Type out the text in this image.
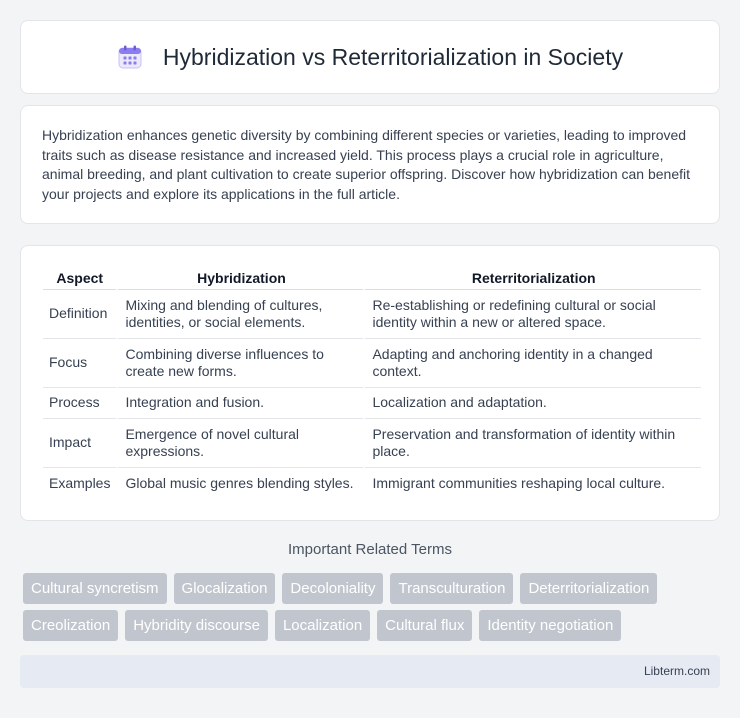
Hybridization vs Reterritorialization in Society

Hybridization enhances genetic diversity by combining different species or varieties, leading to improved traits such as disease resistance and increased yield. This process plays a crucial role in agriculture, animal breeding, and plant cultivation to create superior offspring. Discover how hybridization can benefit your projects and explore its applications in the full article.

Aspect	Hybridization	Reterritorialization
Definition	Mixing and blending of cultures, identities, or social elements.	Re-establishing or redefining cultural or social identity within a new or altered space.
Focus	Combining diverse influences to create new forms.	Adapting and anchoring identity in a changed context.
Process	Integration and fusion.	Localization and adaptation.
Impact	Emergence of novel cultural expressions.	Preservation and transformation of identity within place.
Examples	Global music genres blending styles.	Immigrant communities reshaping local culture.
Important Related Terms
Cultural syncretism	Glocalization	Decoloniality	Transculturation	Deterritorialization
Creolization	Hybridity discourse	Localization	Cultural flux	Identity negotiation
Libterm.com
